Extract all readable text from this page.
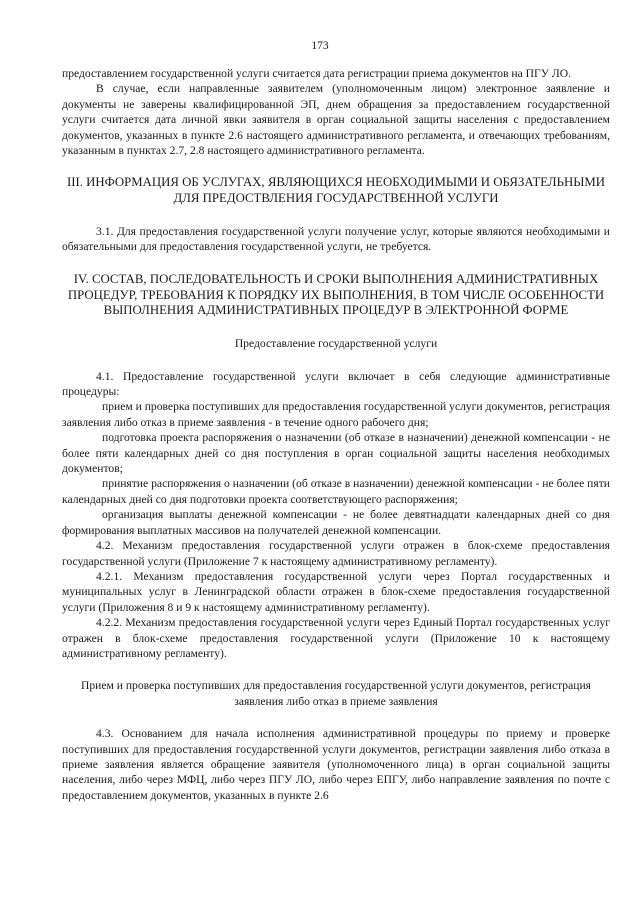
173

предоставлением государственной услуги считается дата регистрации приема документов на ПГУ ЛО.

В случае, если направленные заявителем (уполномоченным лицом) электронное заявление и документы не заверены квалифицированной ЭП, днем обращения за предоставлением государственной услуги считается дата личной явки заявителя в орган социальной защиты населения с предоставлением документов, указанных в пункте 2.6 настоящего административного регламента, и отвечающих требованиям, указанным в пунктах 2.7, 2.8 настоящего административного регламента.

III. ИНФОРМАЦИЯ ОБ УСЛУГАХ, ЯВЛЯЮЩИХСЯ НЕОБХОДИМЫМИ И ОБЯЗАТЕЛЬНЫМИ ДЛЯ ПРЕДОСТВЛЕНИЯ ГОСУДАРСТВЕННОЙ УСЛУГИ

3.1. Для предоставления государственной услуги получение услуг, которые являются необходимыми и обязательными для предоставления государственной услуги, не требуется.

IV. СОСТАВ, ПОСЛЕДОВАТЕЛЬНОСТЬ И СРОКИ ВЫПОЛНЕНИЯ АДМИНИСТРАТИВНЫХ ПРОЦЕДУР, ТРЕБОВАНИЯ К ПОРЯДКУ ИХ ВЫПОЛНЕНИЯ, В ТОМ ЧИСЛЕ ОСОБЕННОСТИ ВЫПОЛНЕНИЯ АДМИНИСТРАТИВНЫХ ПРОЦЕДУР В ЭЛЕКТРОННОЙ ФОРМЕ

Предоставление государственной услуги

4.1. Предоставление государственной услуги включает в себя следующие административные процедуры:

прием и проверка поступивших для предоставления государственной услуги документов, регистрация заявления либо отказ в приеме заявления - в течение одного рабочего дня;

подготовка проекта распоряжения о назначении (об отказе в назначении) денежной компенсации - не более пяти календарных дней со дня поступления в орган социальной защиты населения необходимых документов;

принятие распоряжения о назначении (об отказе в назначении) денежной компенсации - не более пяти календарных дней со дня подготовки проекта соответствующего распоряжения;

организация выплаты денежной компенсации - не более девятнадцати календарных дней со дня формирования выплатных массивов на получателей денежной компенсации.

4.2. Механизм предоставления государственной услуги отражен в блок-схеме предоставления государственной услуги (Приложение 7 к настоящему административному регламенту).

4.2.1. Механизм предоставления государственной услуги через Портал государственных и муниципальных услуг в Ленинградской области отражен в блок-схеме предоставления государственной услуги (Приложения 8 и 9 к настоящему административному регламенту).

4.2.2. Механизм предоставления государственной услуги через Единый Портал государственных услуг отражен в блок-схеме предоставления государственной услуги (Приложение 10 к настоящему административному регламенту).

Прием и проверка поступивших для предоставления государственной услуги документов, регистрация заявления либо отказ в приеме заявления

4.3. Основанием для начала исполнения административной процедуры по приему и проверке поступивших для предоставления государственной услуги документов, регистрации заявления либо отказа в приеме заявления является обращение заявителя (уполномоченного лица) в орган социальной защиты населения, либо через МФЦ, либо через ПГУ ЛО, либо через ЕПГУ, либо направление заявления по почте с предоставлением документов, указанных в пункте 2.6
